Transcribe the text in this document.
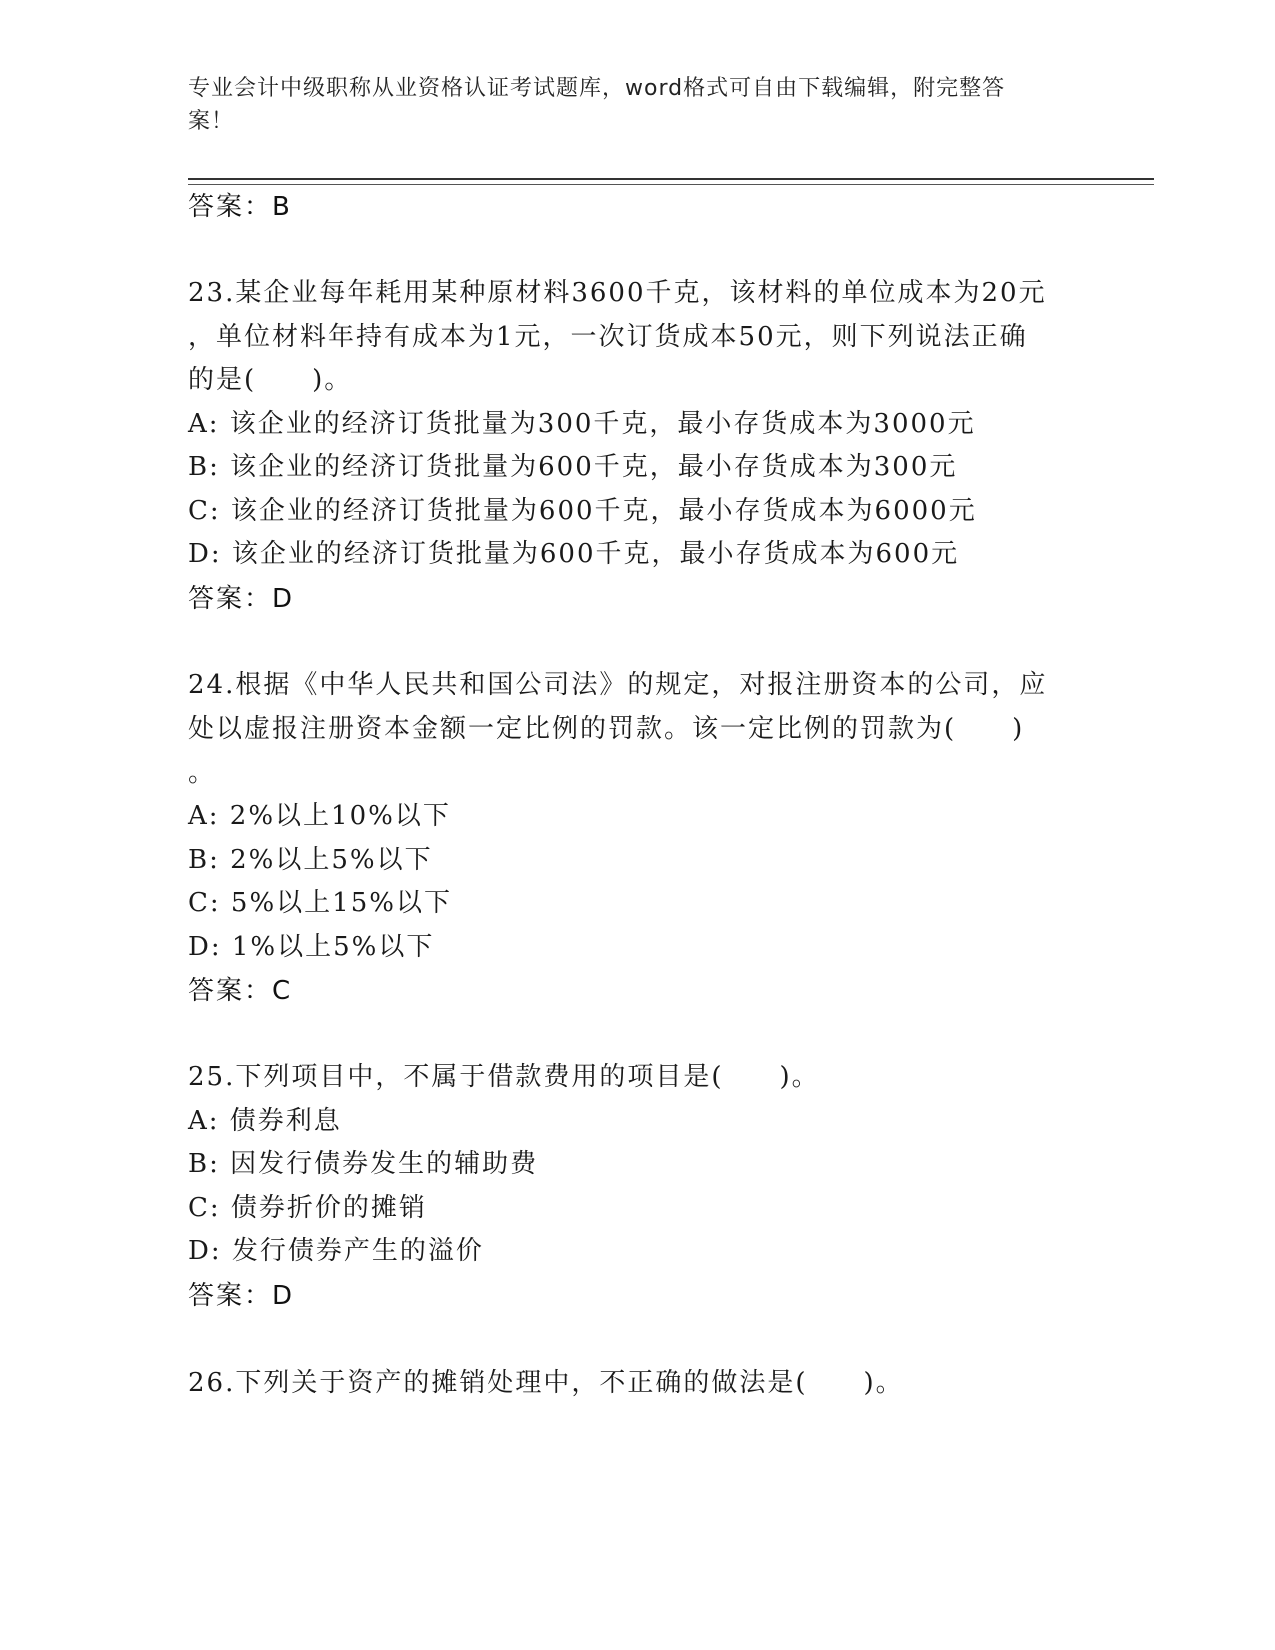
专业会计中级职称从业资格认证考试题库，word格式可自由下载编辑，附完整答
案！
答案：B
23.某企业每年耗用某种原材料3600千克，该材料的单位成本为20元
，单位材料年持有成本为1元，一次订货成本50元，则下列说法正确
的是(　　)。
A: 该企业的经济订货批量为300千克，最小存货成本为3000元
B: 该企业的经济订货批量为600千克，最小存货成本为300元
C: 该企业的经济订货批量为600千克，最小存货成本为6000元
D: 该企业的经济订货批量为600千克，最小存货成本为600元
答案：D
24.根据《中华人民共和国公司法》的规定，对报注册资本的公司，应
处以虚报注册资本金额一定比例的罚款。该一定比例的罚款为(　　)
。
A: 2%以上10%以下
B: 2%以上5%以下
C: 5%以上15%以下
D: 1%以上5%以下
答案：C
25.下列项目中，不属于借款费用的项目是(　　)。
A: 债券利息
B: 因发行债券发生的辅助费
C: 债券折价的摊销
D: 发行债券产生的溢价
答案：D
26.下列关于资产的摊销处理中，不正确的做法是(　　)。
